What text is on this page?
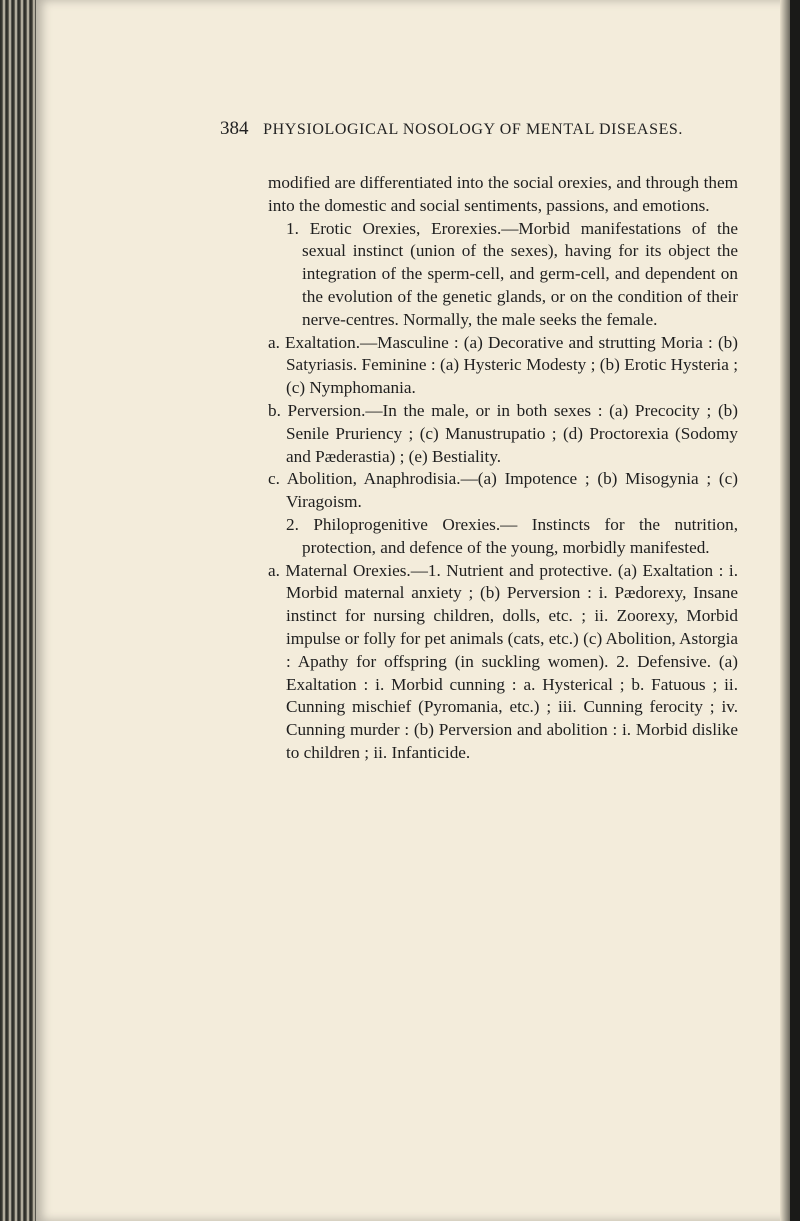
384 PHYSIOLOGICAL NOSOLOGY OF MENTAL DISEASES.

modified are differentiated into the social orexies, and through them into the domestic and social sentiments, passions, and emotions.

1. Erotic Orexies, Erorexies.—Morbid manifestations of the sexual instinct (union of the sexes), having for its object the integration of the sperm-cell, and germ-cell, and dependent on the evolution of the genetic glands, or on the condition of their nerve-centres. Normally, the male seeks the female.

a. Exaltation.—Masculine : (a) Decorative and strutting Moria : (b) Satyriasis. Feminine : (a) Hysteric Modesty ; (b) Erotic Hysteria ; (c) Nymphomania.

b. Perversion.—In the male, or in both sexes : (a) Precocity ; (b) Senile Pruriency ; (c) Manustrupatio ; (d) Proctorexia (Sodomy and Pæderastia) ; (e) Bestiality.

c. Abolition, Anaphrodisia.—(a) Impotence ; (b) Misogynia ; (c) Viragoism.

2. Philoprogenitive Orexies.— Instincts for the nutrition, protection, and defence of the young, morbidly manifested.

a. Maternal Orexies.—1. Nutrient and protective. (a) Exaltation : i. Morbid maternal anxiety ; (b) Perversion : i. Pædorexy, Insane instinct for nursing children, dolls, etc. ; ii. Zoorexy, Morbid impulse or folly for pet animals (cats, etc.) (c) Abolition, Astorgia : Apathy for offspring (in suckling women). 2. Defensive. (a) Exaltation : i. Morbid cunning : a. Hysterical ; b. Fatuous ; ii. Cunning mischief (Pyromania, etc.) ; iii. Cunning ferocity ; iv. Cunning murder : (b) Perversion and abolition : i. Morbid dislike to children ; ii. Infanticide.
